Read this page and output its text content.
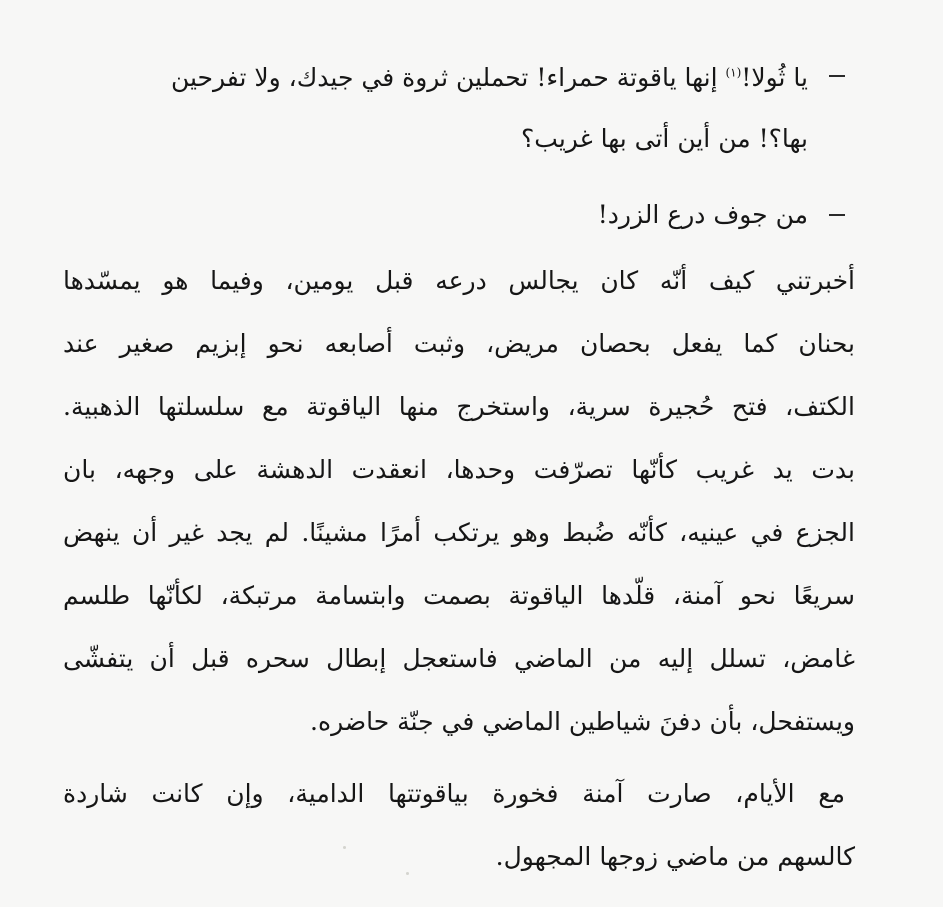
يا ثُولا!$^{(١)}$ إنها ياقوتة حمراء! تحملين ثروة في جيدك، ولا تفرحين
بها؟! من أين أتى بها غريب؟
من جوف درع الزرد!
أخبرتني كيف أنّه كان يجالس درعه قبل يومين، وفيما هو يمسّدها
بحنان كما يفعل بحصان مريض، وثبت أصابعه نحو إبزيم صغير عند
الكتف، فتح حُجيرة سرية، واستخرج منها الياقوتة مع سلسلتها الذهبية.
بدت يد غريب كأنّها تصرّفت وحدها، انعقدت الدهشة على وجهه، بان
الجزع في عينيه، كأنّه ضُبط وهو يرتكب أمرًا مشينًا. لم يجد غير أن ينهض
سريعًا نحو آمنة، قلّدها الياقوتة بصمت وابتسامة مرتبكة، لكأنّها طلسم
غامض، تسلل إليه من الماضي فاستعجل إبطال سحره قبل أن يتفشّى
ويستفحل، بأن دفنَ شياطين الماضي في جنّة حاضره.
مع الأيام، صارت آمنة فخورة بياقوتتها الدامية، وإن كانت شاردة
كالسهم من ماضي زوجها المجهول.
